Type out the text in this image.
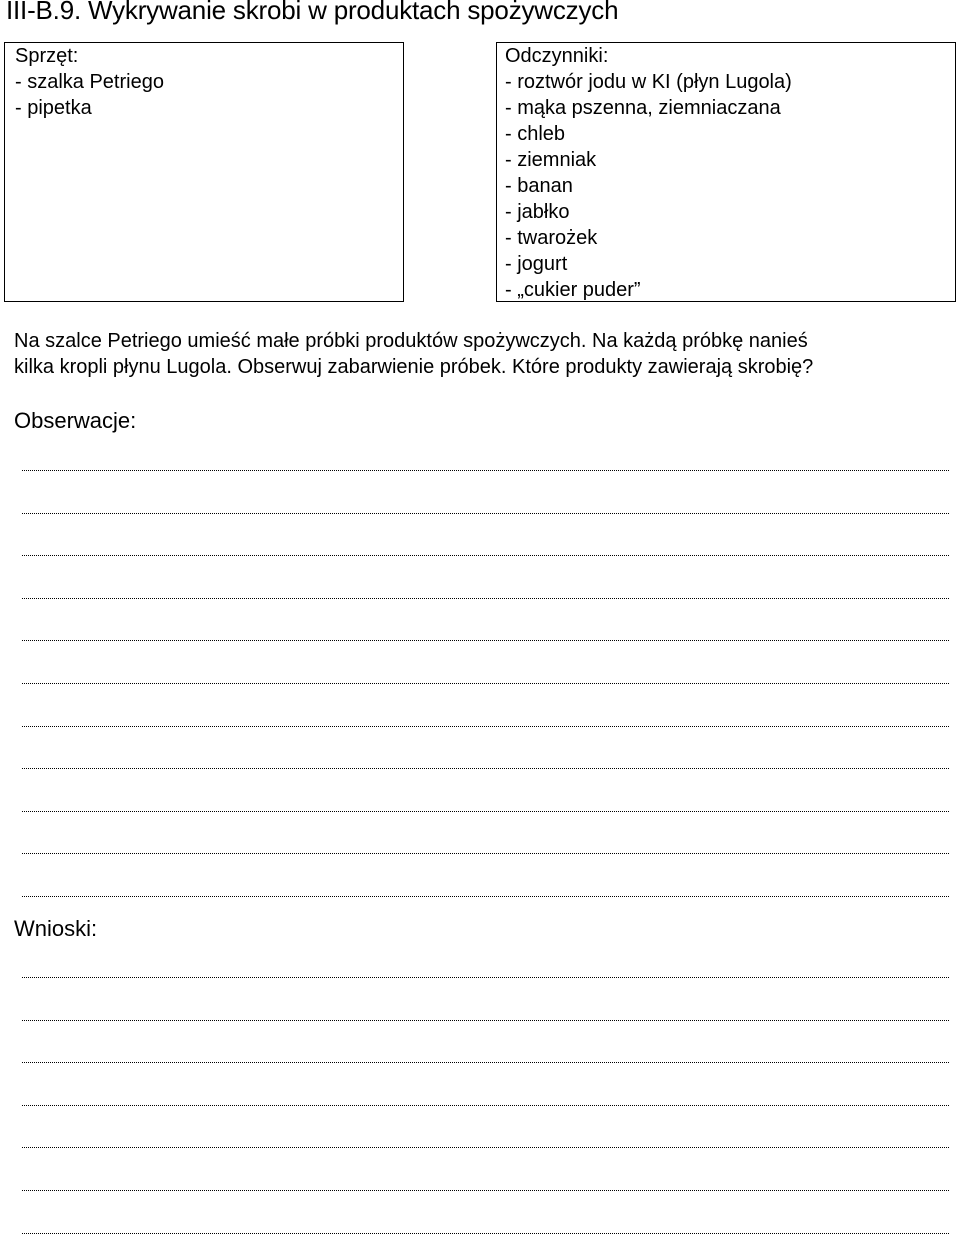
III-B.9. Wykrywanie skrobi w produktach spożywczych
Sprzęt:
- szalka Petriego
- pipetka
Odczynniki:
- roztwór jodu w KI (płyn Lugola)
- mąka pszenna, ziemniaczana
- chleb
- ziemniak
- banan
- jabłko
- twarożek
- jogurt
- „cukier puder”
Na szalce Petriego umieść małe próbki produktów spożywczych. Na każdą próbkę nanieś
kilka kropli płynu Lugola. Obserwuj zabarwienie próbek. Które produkty zawierają skrobię?
Obserwacje:
Wnioski:
